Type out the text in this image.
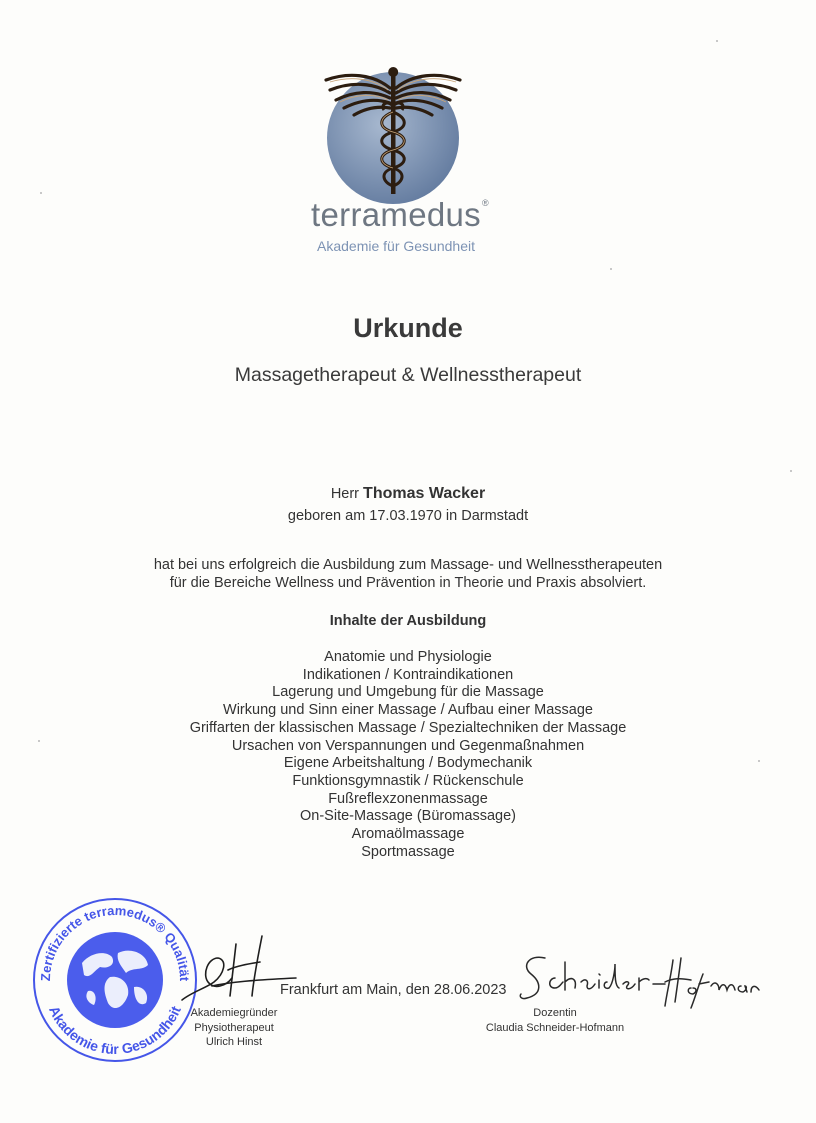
terramedus ®
Akademie für Gesundheit
Urkunde
Massagetherapeut & Wellnesstherapeut
Herr Thomas Wacker
geboren am 17.03.1970 in Darmstadt
hat bei uns erfolgreich die Ausbildung zum Massage- und Wellnesstherapeuten
für die Bereiche Wellness und Prävention in Theorie und Praxis absolviert.
Inhalte der Ausbildung
Anatomie und Physiologie
Indikationen / Kontraindikationen
Lagerung und Umgebung für die Massage
Wirkung und Sinn einer Massage / Aufbau einer Massage
Griffarten der klassischen Massage / Spezialtechniken der Massage
Ursachen von Verspannungen und Gegenmaßnahmen
Eigene Arbeitshaltung / Bodymechanik
Funktionsgymnastik / Rückenschule
Fußreflexzonenmassage
On-Site-Massage (Büromassage)
Aromaölmassage
Sportmassage
Zertifizierte terramedus® Qualität
Akademie für Gesundheit
Frankfurt am Main, den 28.06.2023
Akademiegründer
Physiotherapeut
Ulrich Hinst
Dozentin
Claudia Schneider-Hofmann
